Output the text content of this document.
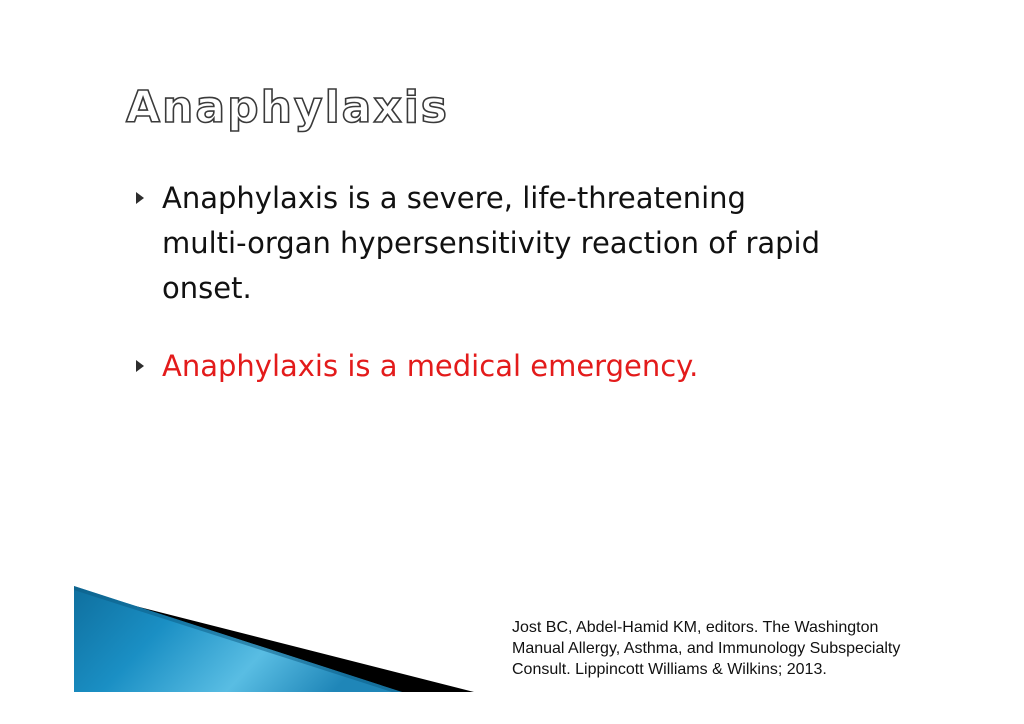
Anaphylaxis
Anaphylaxis is a severe, life-threatening
multi-organ hypersensitivity reaction of rapid
onset.
Anaphylaxis is a medical emergency.
Jost BC, Abdel-Hamid KM, editors. The Washington
Manual Allergy, Asthma, and Immunology Subspecialty
Consult. Lippincott Williams & Wilkins; 2013.
